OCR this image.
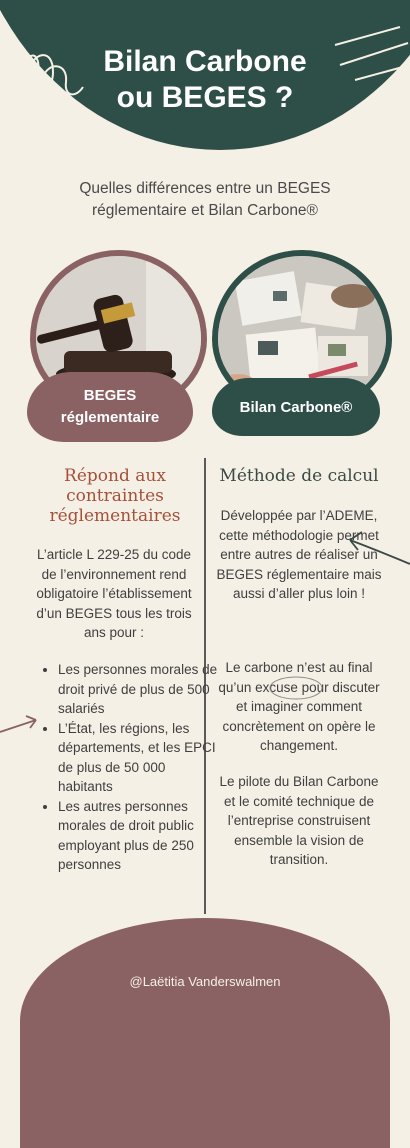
Bilan Carbone
ou BEGES ?
Quelles différences entre un BEGES
réglementaire et Bilan Carbone®
BEGES
réglementaire
Bilan Carbone®
Répond aux
contraintes
réglementaires
Méthode de calcul
L’article L 229-25 du code de l’environnement rend obligatoire l’établissement d’un BEGES tous les trois ans pour :
• Les personnes morales de droit privé de plus de 500 salariés
• L’État, les régions, les départements, et les EPCI de plus de 50 000 habitants
• Les autres personnes morales de droit public employant plus de 250 personnes
Développée par l’ADEME, cette méthodologie permet entre autres de réaliser un BEGES réglementaire mais aussi d’aller plus loin !
Le carbone n’est au final qu’un excuse pour discuter et imaginer comment concrètement on opère le changement.
Le pilote du Bilan Carbone et le comité technique de l’entreprise construisent ensemble la vision de transition.
@Laëtitia Vanderswalmen
